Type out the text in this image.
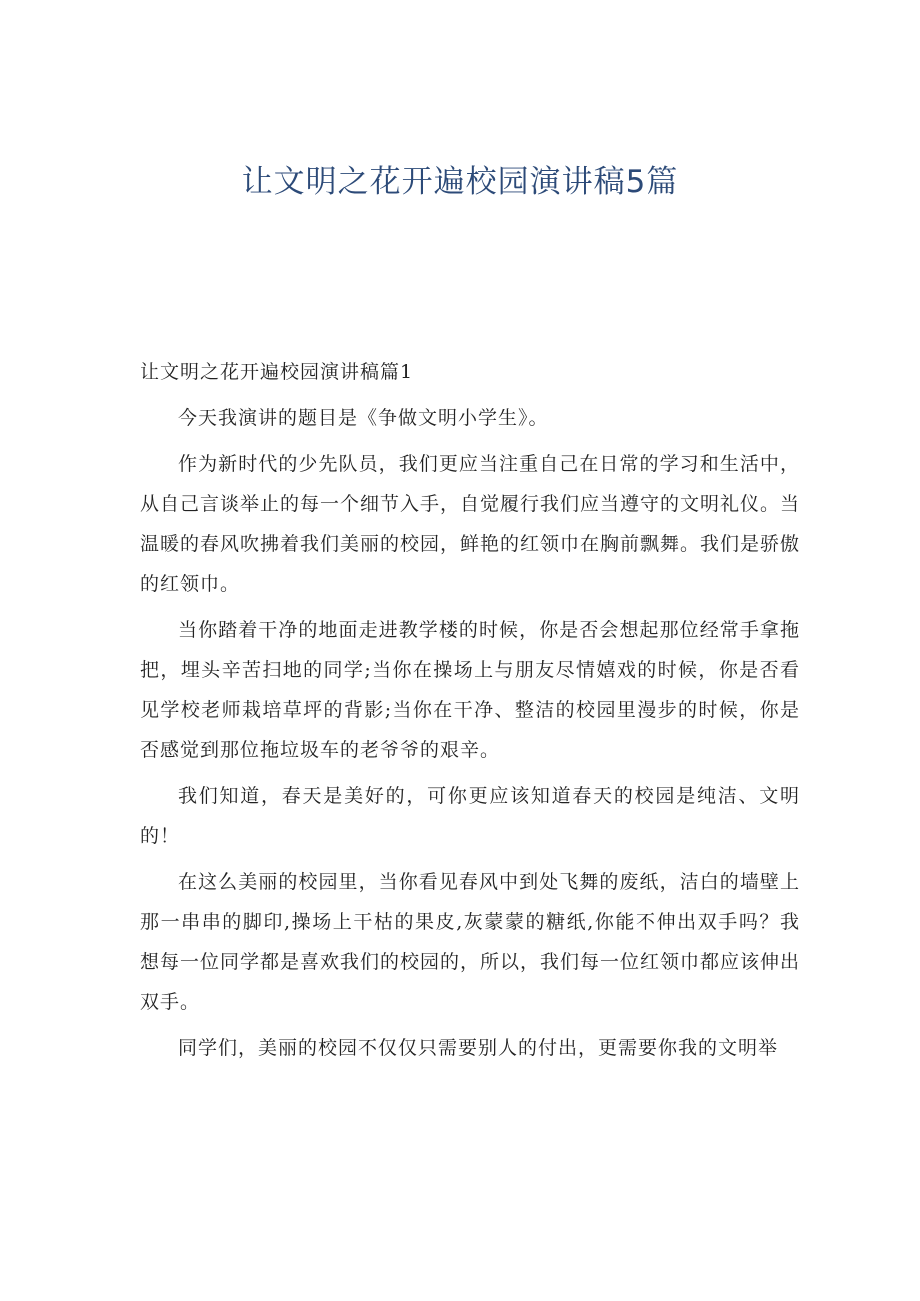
让文明之花开遍校园演讲稿5篇

让文明之花开遍校园演讲稿篇1

今天我演讲的题目是《争做文明小学生》。

作为新时代的少先队员，我们更应当注重自己在日常的学习和生活中，从自己言谈举止的每一个细节入手，自觉履行我们应当遵守的文明礼仪。当温暖的春风吹拂着我们美丽的校园，鲜艳的红领巾在胸前飘舞。我们是骄傲的红领巾。

当你踏着干净的地面走进教学楼的时候，你是否会想起那位经常手拿拖把，埋头辛苦扫地的同学;当你在操场上与朋友尽情嬉戏的时候，你是否看见学校老师栽培草坪的背影;当你在干净、整洁的校园里漫步的时候，你是否感觉到那位拖垃圾车的老爷爷的艰辛。

我们知道，春天是美好的，可你更应该知道春天的校园是纯洁、文明的！

在这么美丽的校园里，当你看见春风中到处飞舞的废纸，洁白的墙壁上那一串串的脚印,操场上干枯的果皮,灰蒙蒙的糖纸,你能不伸出双手吗？我想每一位同学都是喜欢我们的校园的，所以，我们每一位红领巾都应该伸出双手。

同学们，美丽的校园不仅仅只需要别人的付出，更需要你我的文明举
